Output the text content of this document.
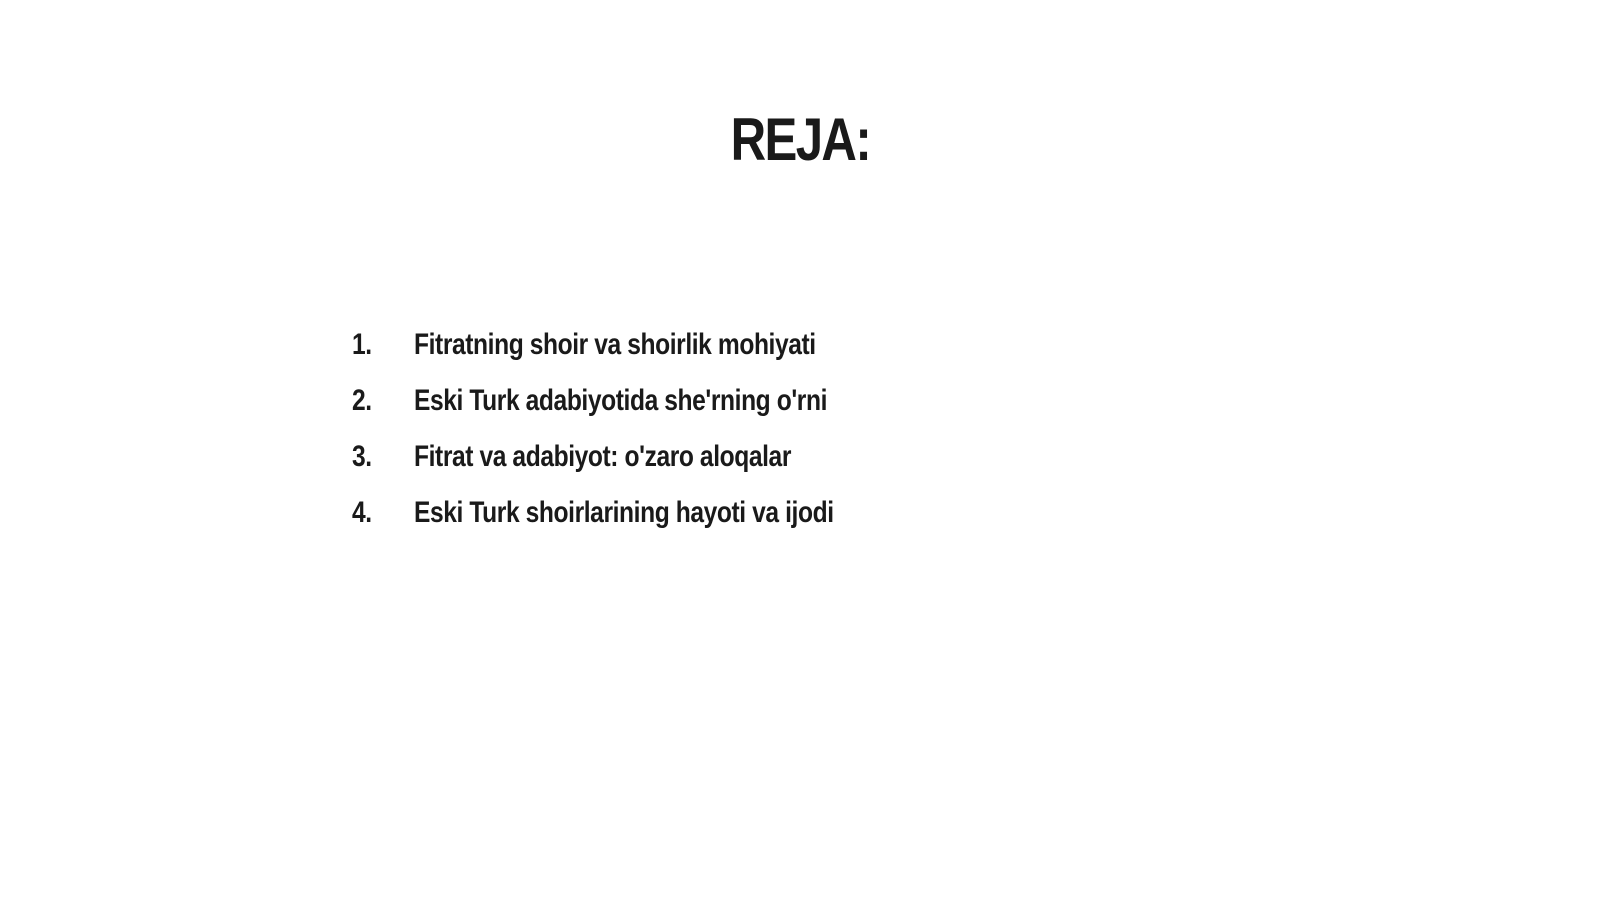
REJA:
1. Fitratning shoir va shoirlik mohiyati
2. Eski Turk adabiyotida she'rning o'rni
3. Fitrat va adabiyot: o'zaro aloqalar
4. Eski Turk shoirlarining hayoti va ijodi
